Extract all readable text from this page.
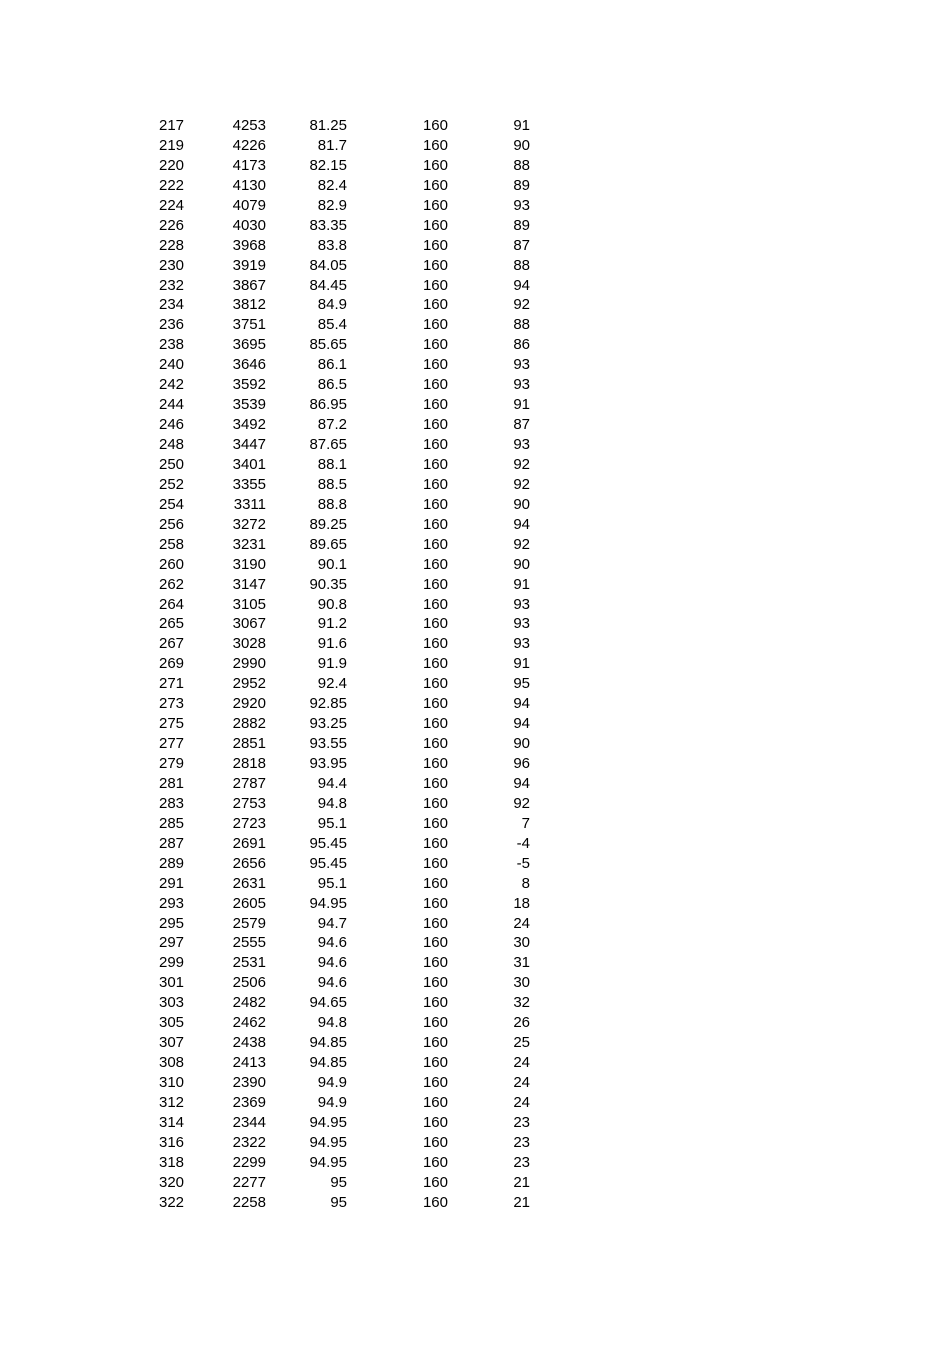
	217	4253	81.25	160	91
	219	4226	81.7	160	90
	220	4173	82.15	160	88
	222	4130	82.4	160	89
	224	4079	82.9	160	93
	226	4030	83.35	160	89
	228	3968	83.8	160	87
	230	3919	84.05	160	88
	232	3867	84.45	160	94
	234	3812	84.9	160	92
	236	3751	85.4	160	88
	238	3695	85.65	160	86
	240	3646	86.1	160	93
	242	3592	86.5	160	93
	244	3539	86.95	160	91
	246	3492	87.2	160	87
	248	3447	87.65	160	93
	250	3401	88.1	160	92
	252	3355	88.5	160	92
	254	3311	88.8	160	90
	256	3272	89.25	160	94
	258	3231	89.65	160	92
	260	3190	90.1	160	90
	262	3147	90.35	160	91
	264	3105	90.8	160	93
	265	3067	91.2	160	93
	267	3028	91.6	160	93
	269	2990	91.9	160	91
	271	2952	92.4	160	95
	273	2920	92.85	160	94
	275	2882	93.25	160	94
	277	2851	93.55	160	90
	279	2818	93.95	160	96
	281	2787	94.4	160	94
	283	2753	94.8	160	92
	285	2723	95.1	160	7
	287	2691	95.45	160	-4
	289	2656	95.45	160	-5
	291	2631	95.1	160	8
	293	2605	94.95	160	18
	295	2579	94.7	160	24
	297	2555	94.6	160	30
	299	2531	94.6	160	31
	301	2506	94.6	160	30
	303	2482	94.65	160	32
	305	2462	94.8	160	26
	307	2438	94.85	160	25
	308	2413	94.85	160	24
	310	2390	94.9	160	24
	312	2369	94.9	160	24
	314	2344	94.95	160	23
	316	2322	94.95	160	23
	318	2299	94.95	160	23
	320	2277	95	160	21
	322	2258	95	160	21
